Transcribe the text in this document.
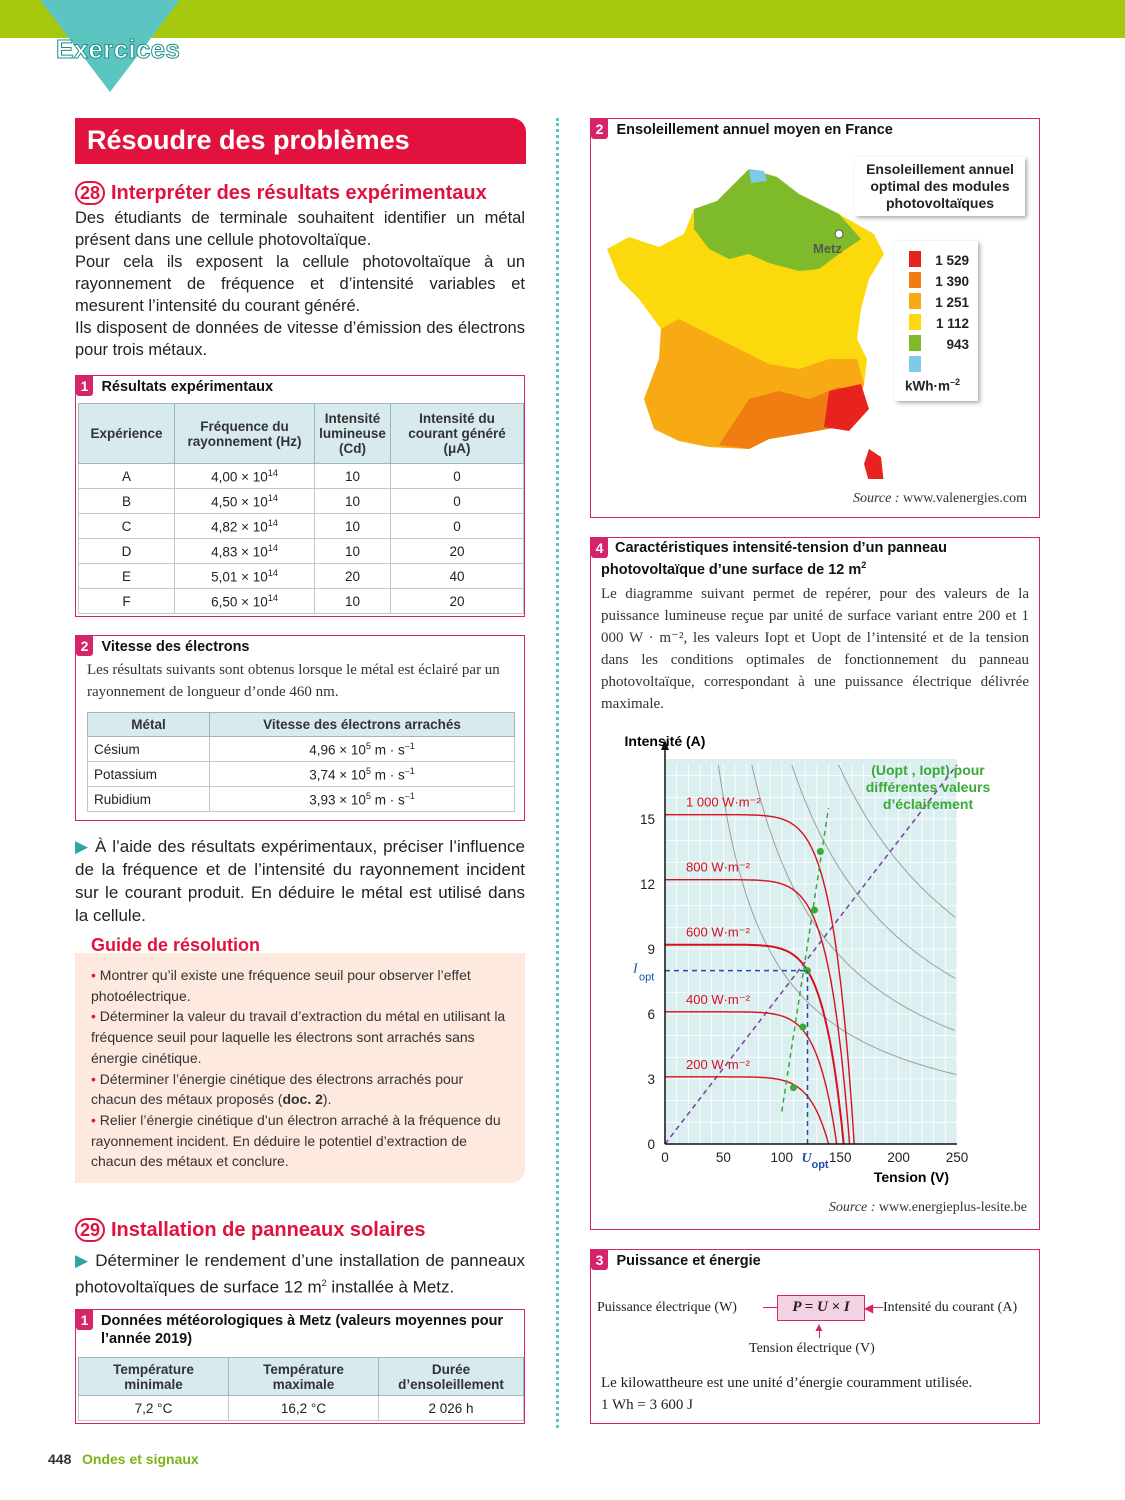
Exercices
Résoudre des problèmes
28 Interpréter des résultats expérimentaux

Des étudiants de terminale souhaitent identifier un métal présent dans une cellule photovoltaïque.

Pour cela ils exposent la cellule photovoltaïque à un rayonnement de fréquence et d’intensité variables et mesurent l’intensité du courant généré.

Ils disposent de données de vitesse d’émission des électrons pour trois métaux.

1 Résultats expérimentaux
Expérience	Fréquence du rayonnement (Hz)	Intensité lumineuse (Cd)	Intensité du courant généré (μA)
A	$4,00 \times 10^{14}$	10	0
B	$4,50 \times 10^{14}$	10	0
C	$4,82 \times 10^{14}$	10	0
D	$4,83 \times 10^{14}$	10	20
E	$5,01 \times 10^{14}$	20	40
F	$6,50 \times 10^{14}$	10	20
2 Vitesse des électrons
Les résultats suivants sont obtenus lorsque le métal est éclairé par un rayonnement de longueur d’onde 460 nm.
Métal	Vitesse des électrons arrachés
Césium	$4,96 \times 10^5$ $m \cdot s^{-1}$
Potassium	$3,74 \times 10^5$ $m \cdot s^{-1}$
Rubidium	$3,93 \times 10^5$ $m \cdot s^{-1}$
▶ À l’aide des résultats expérimentaux, préciser l’influence de la fréquence et de l’intensité du rayonnement incident sur le courant produit. En déduire le métal est utilisé dans la cellule.
Guide de résolution

• Montrer qu’il existe une fréquence seuil pour observer l’effet photoélectrique.

• Déterminer la valeur du travail d’extraction du métal en utilisant la fréquence seuil pour laquelle les électrons sont arrachés sans énergie cinétique.

• Déterminer l’énergie cinétique des électrons arrachés pour chacun des métaux proposés (doc. 2).

• Relier l’énergie cinétique d’un électron arraché à la fréquence du rayonnement incident. En déduire le potentiel d’extraction de chacun des métaux et conclure.

29 Installation de panneaux solaires
▶ Déterminer le rendement d’une installation de panneaux photovoltaïques de surface 12 $m^2$ installée à Metz.
1 Données météorologiques à Metz (valeurs moyennes pour l’année 2019)
Température minimale	Température maximale	Durée d’ensoleillement
7,2 °C	16,2 °C	2 026 h
2 Ensoleillement annuel moyen en France
Metz
Ensoleillement annuel optimal des modules photovoltaïques
1 529
1 390
1 251
1 112
943
$kWh\cdot m^{-2}$
Source : www.valenergies.com
4 Caractéristiques intensité-tension d’un panneau photovoltaïque d’une surface de 12 $m^2$
Le diagramme suivant permet de repérer, pour des valeurs de la puissance lumineuse reçue par unité de surface variant entre 200 et 1 000 W · m⁻², les valeurs Iopt et Uopt de l’intensité et de la tension dans les conditions optimales de fonctionnement du panneau photovoltaïque, correspondant à une puissance électrique délivrée maximale.
1 000 W·m⁻²
800 W·m⁻²
600 W·m⁻²
400 W·m⁻²
200 W·m⁻²
0
3
6
9
12
15
0	50	100	150	200	250
Intensité (A)
Tension (V)
I
opt
U opt
(Uopt , Iopt) pour différentes valeurs d’éclairement
Source : www.energieplus-lesite.be
3 Puissance et énergie
Puissance électrique (W)	P = U × I	◀ Intensité du courant (A)
▲
Tension électrique (V)

Le kilowattheure est une unité d’énergie couramment utilisée.

1 Wh = 3 600 J

448 Ondes et signaux
